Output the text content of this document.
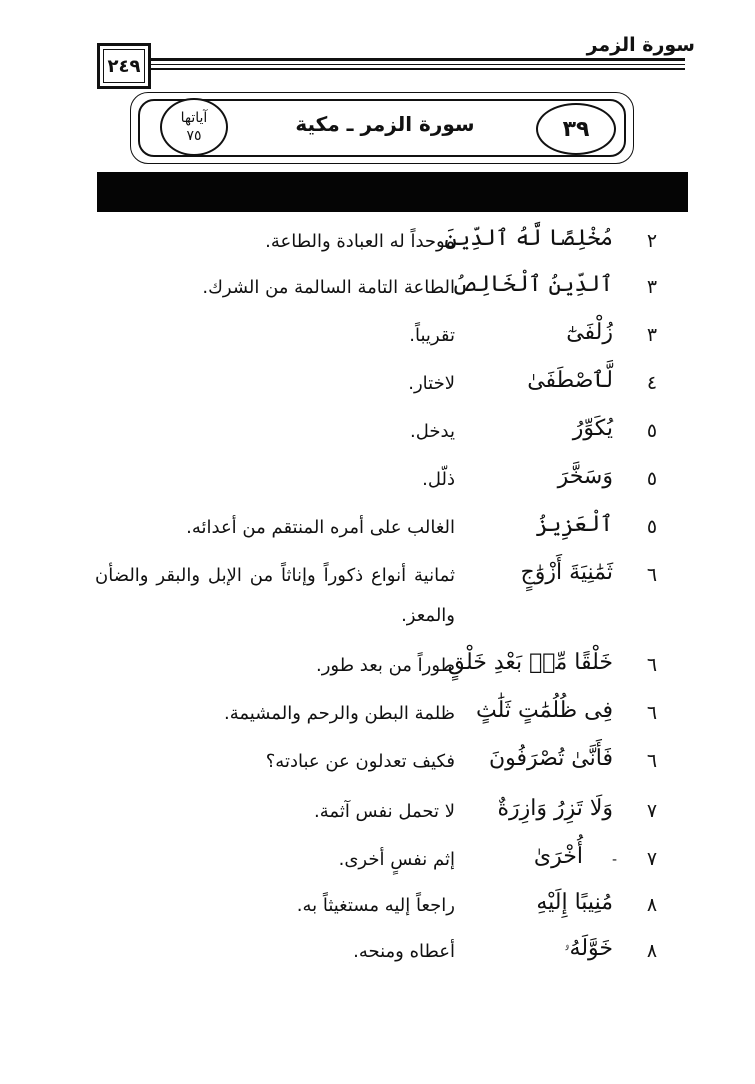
سورة الزمر
٢٤٩
٣٩
سورة الزمر ـ مكية
آياتها
٧٥
٢
مُخْلِصًا لَّهُ ٱلدِّينَ
موحداً له العبادة والطاعة.
٣
ٱلدِّينُ ٱلْخَالِصُ
الطاعة التامة السالمة من الشرك.
٣
زُلْفَىٰٓ
تقريباً.
٤
لَّٱصْطَفَىٰ
لاختار.
٥
يُكَوِّرُ
يدخل.
٥
وَسَخَّرَ
ذلّل.
٥
ٱلْعَزِيزُ
الغالب على أمره المنتقم من أعدائه.
٦
ثَمَٰنِيَةَ أَزْوَٰجٍ
ثمانية أنواع ذكوراً وإناثاً من الإبل والبقر والضأن والمعز.
٦
خَلْقًا مِّنۢ بَعْدِ خَلْقٍ
طوراً من بعد طور.
٦
فِى ظُلُمَٰتٍ ثَلَٰثٍ
ظلمة البطن والرحم والمشيمة.
٦
فَأَنَّىٰ تُصْرَفُونَ
فكيف تعدلون عن عبادته؟
٧
وَلَا تَزِرُ وَازِرَةٌ
لا تحمل نفس آثمة.
٧
-
أُخْرَىٰ
إثم نفسٍ أخرى.
٨
مُنِيبًا إِلَيْهِ
راجعاً إليه مستغيثاً به.
٨
خَوَّلَهُۥ
أعطاه ومنحه.
